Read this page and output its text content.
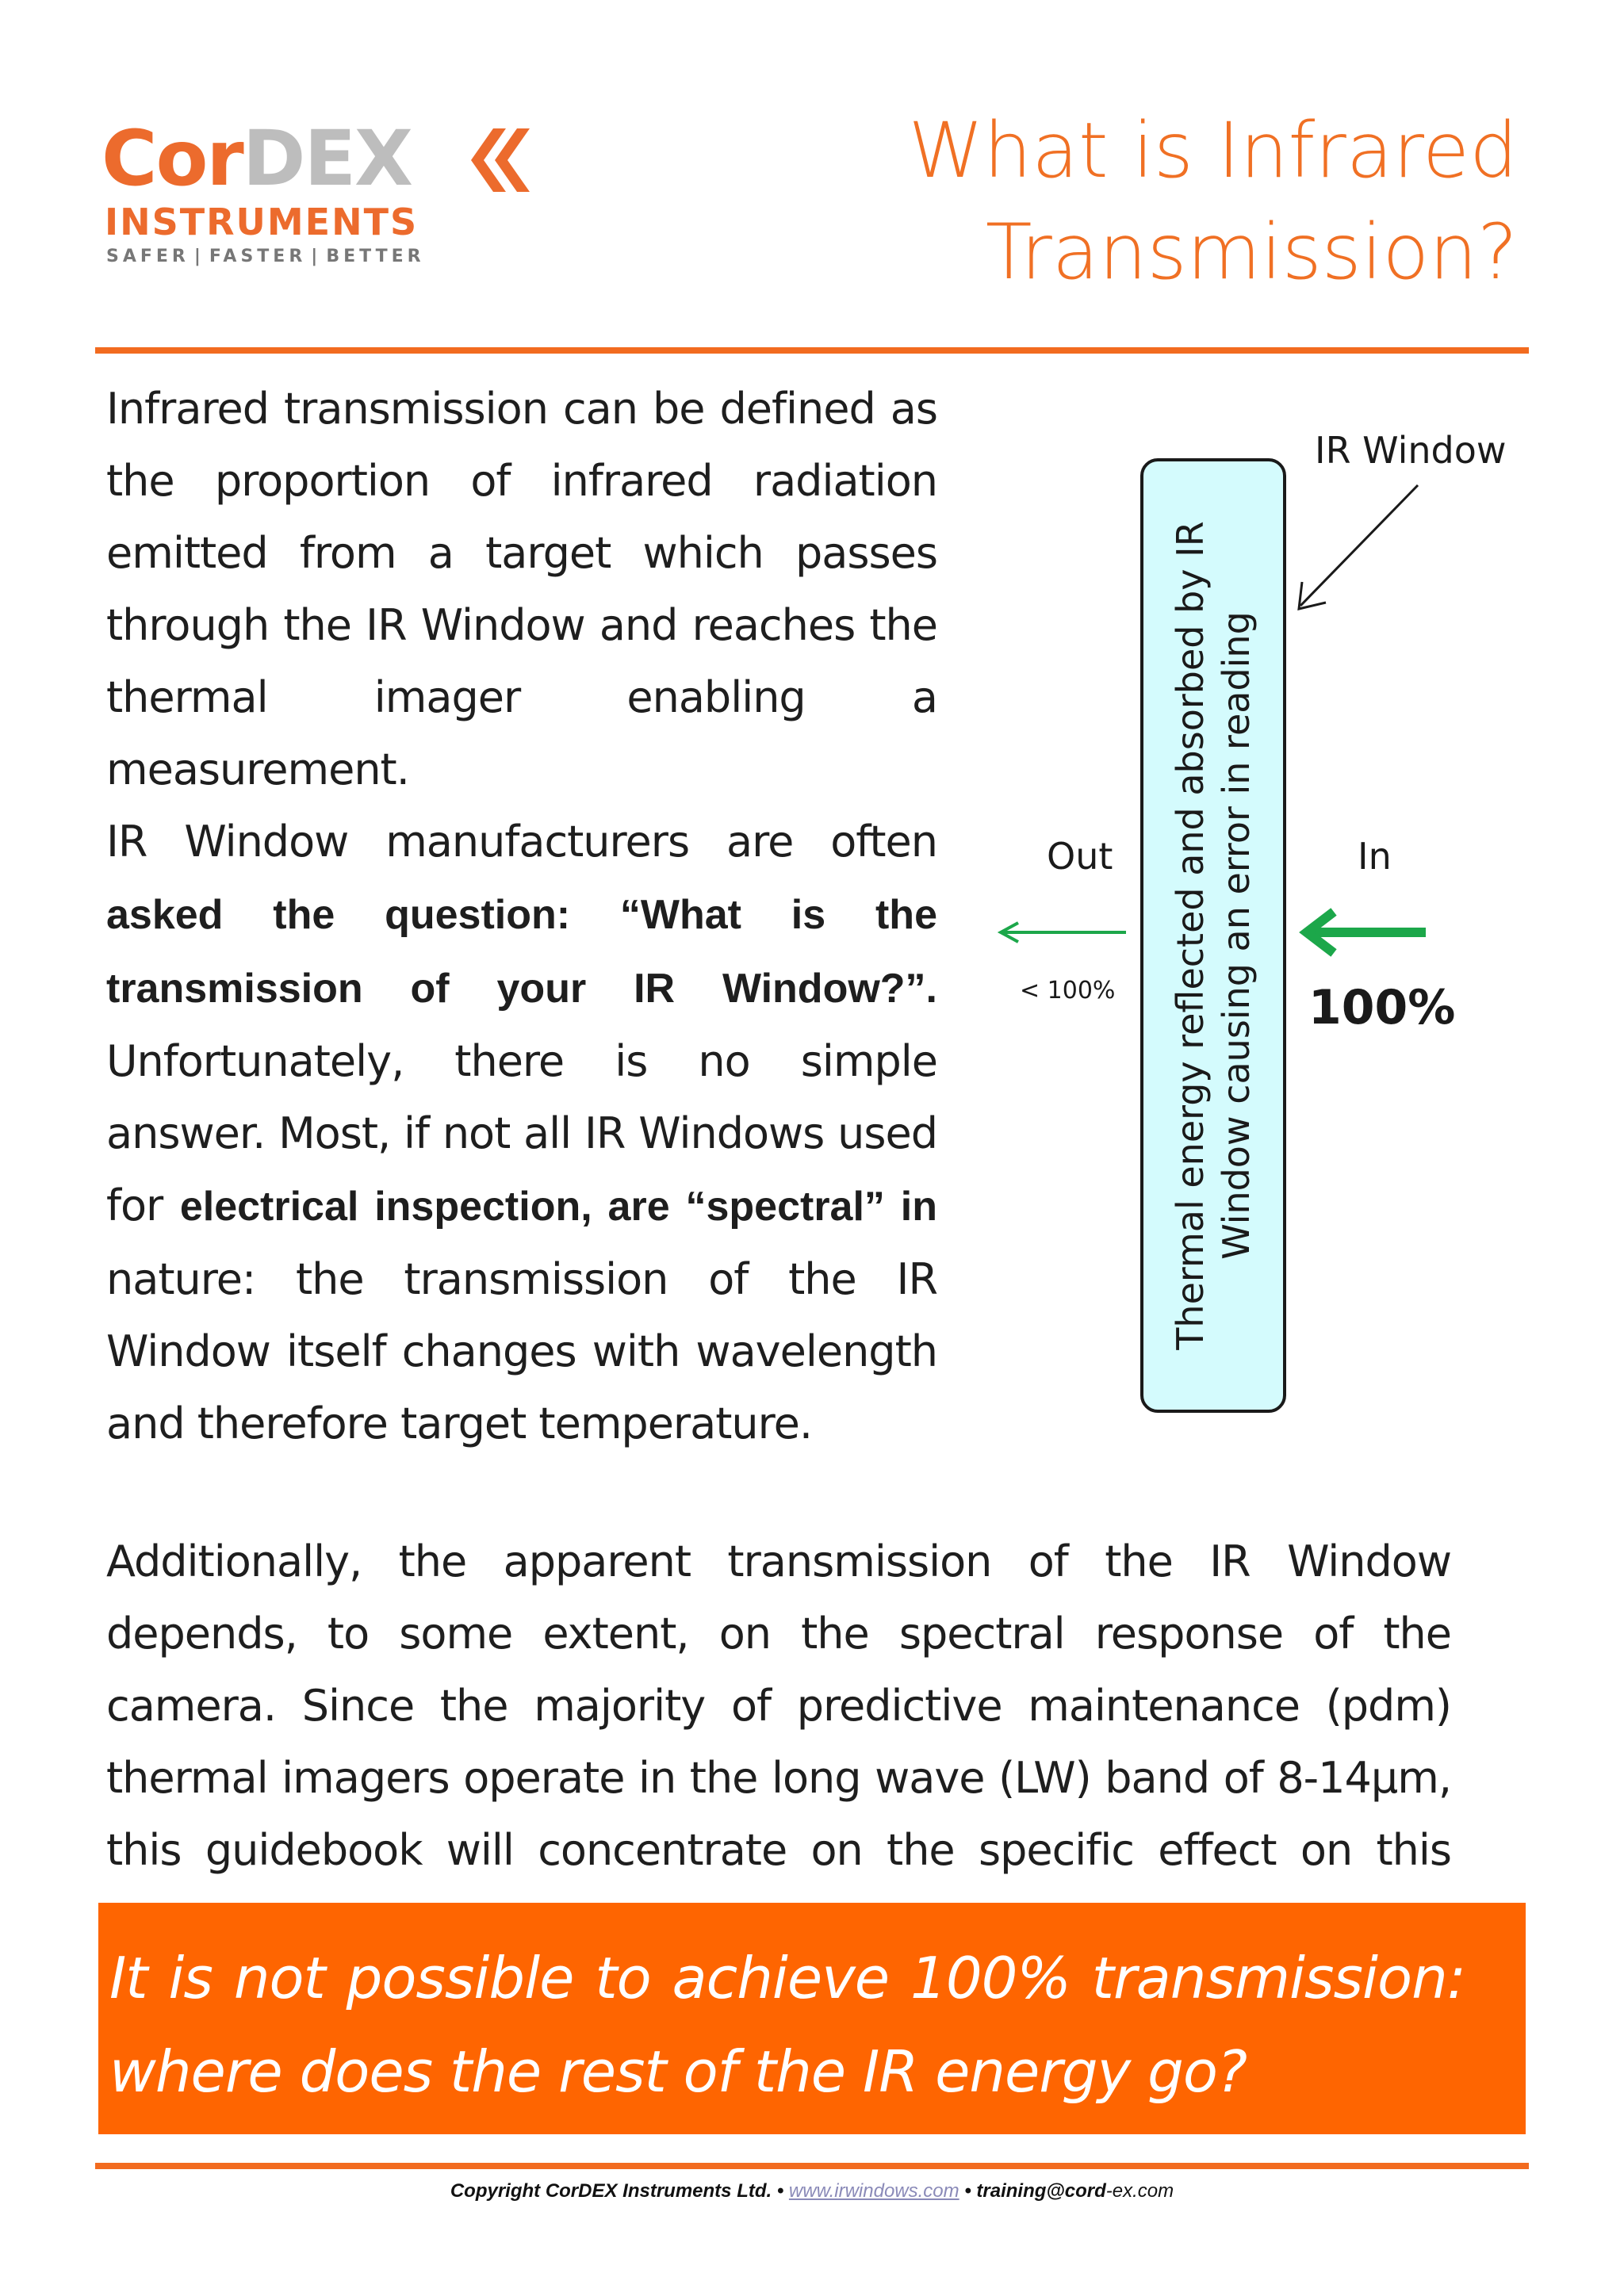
CorDEX
INSTRUMENTS
SAFER | FASTER | BETTER
What is Infrared
Transmission?

Infrared transmission can be defined as the proportion of infrared radiation emitted from a target which passes through the IR Window and reaches the thermal imager enabling a measurement.

IR Window manufacturers are often asked the question: “What is the transmission of your IR Window?”. Unfortunately, there is no simple answer. Most, if not all IR Windows used for electrical inspection, are “spectral” in nature: the transmission of the IR Window itself changes with wavelength and therefore target temperature.

IR Window
Out	In
< 100%	100%
Thermal energy reflected and absorbed by IR Window causing an error in reading

Additionally, the apparent transmission of the IR Window depends, to some extent, on the spectral response of the camera. Since the majority of predictive maintenance (pdm) thermal imagers operate in the long wave (LW) band of 8-14μm, this guidebook will concentrate on the specific effect on this

It is not possible to achieve 100% transmission: where does the rest of the IR energy go?

Copyright CorDEX Instruments Ltd. • www.irwindows.com • training@cord-ex.com
